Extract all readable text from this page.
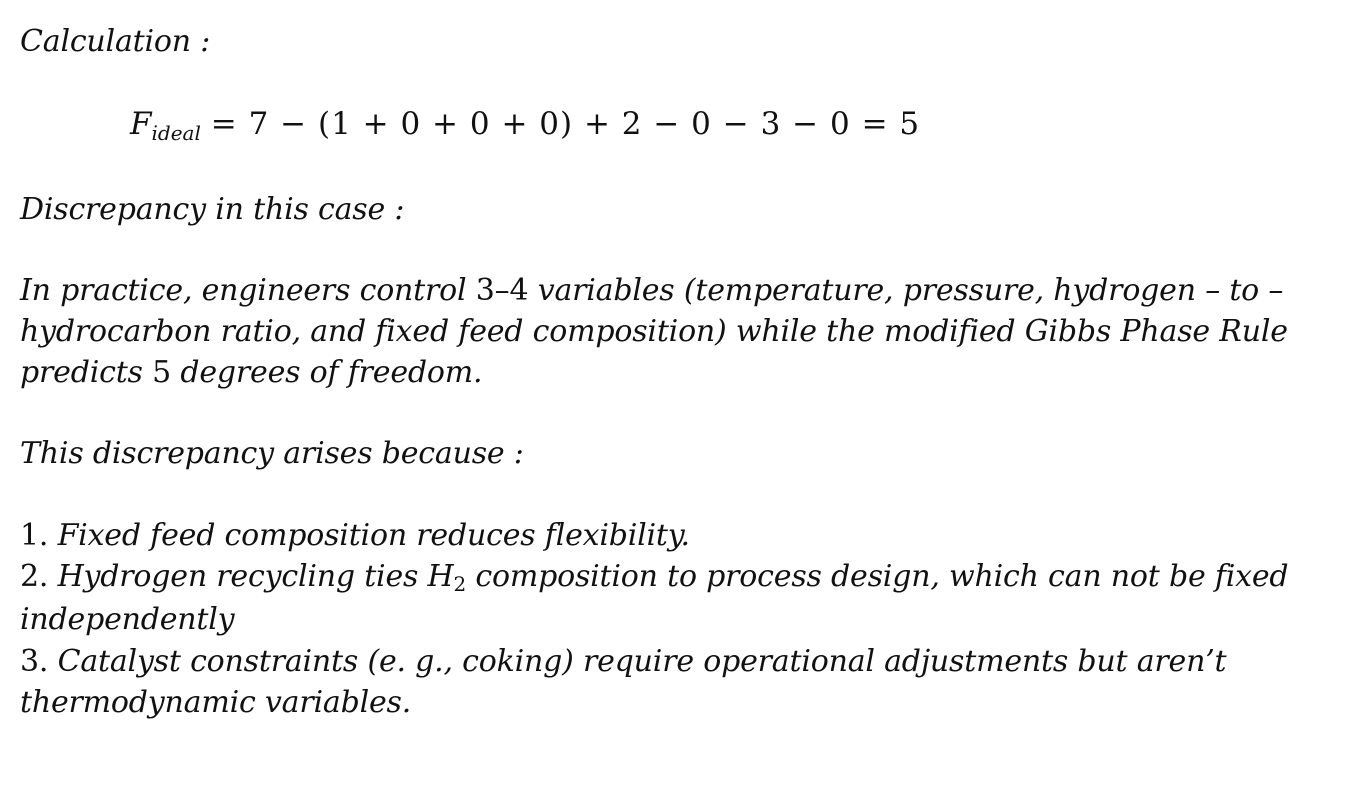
Calculation :
$F_{ideal} = 7 - (1 + 0 + 0 + 0) + 2 - 0 - 3 - 0 = 5$
Discrepancy in this case :
In practice, engineers control 3–4 variables (temperature, pressure, hydrogen – to –
hydrocarbon ratio, and fixed feed composition) while the modified Gibbs Phase Rule
predicts 5 degrees of freedom.
This discrepancy arises because :
1. Fixed feed composition reduces flexibility.
2. Hydrogen recycling ties $H_2$ composition to process design, which can not be fixed
independently
3. Catalyst constraints (e. g., coking) require operational adjustments but aren’t
thermodynamic variables.
